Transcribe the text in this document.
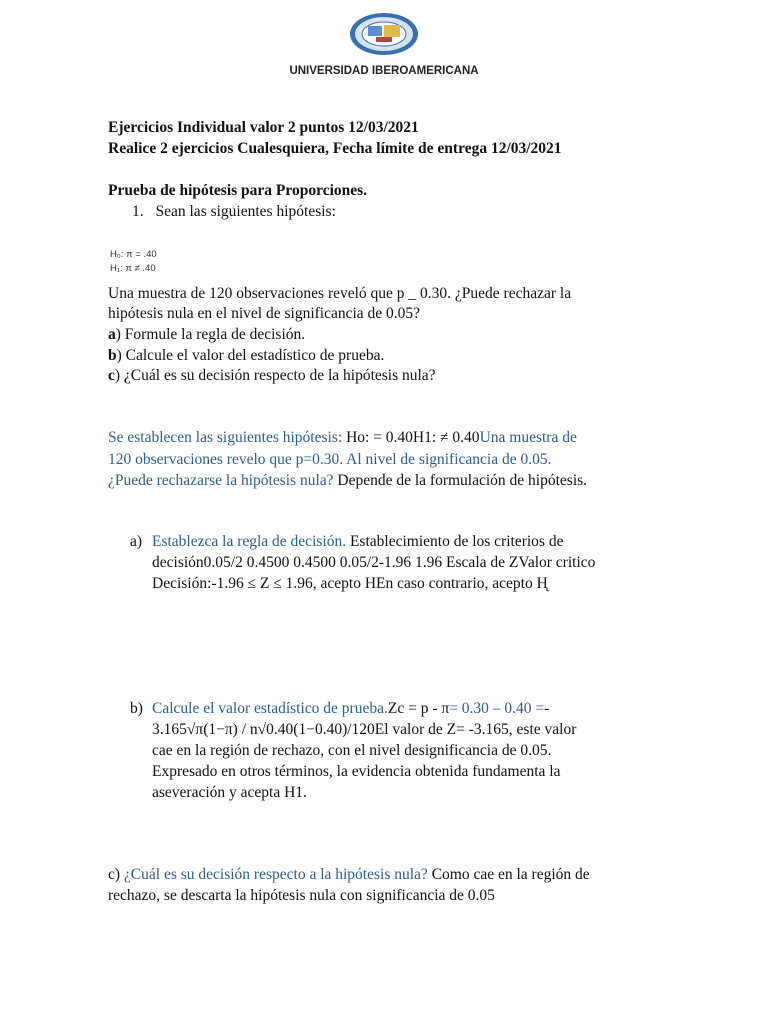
UNIVERSIDAD IBEROAMERICANA
Ejercicios Individual valor 2 puntos 12/03/2021
Realice 2 ejercicios Cualesquiera, Fecha límite de entrega 12/03/2021
Prueba de hipótesis para Proporciones.
1. Sean las siguientes hipótesis:
H₀: π = .40
H₁: π ≠ .40
Una muestra de 120 observaciones reveló que p _ 0.30. ¿Puede rechazar la
hipótesis nula en el nivel de significancia de 0.05?
a) Formule la regla de decisión.
b) Calcule el valor del estadístico de prueba.
c) ¿Cuál es su decisión respecto de la hipótesis nula?
Se establecen las siguientes hipótesis: Ho: = 0.40H1: ≠ 0.40Una muestra de
120 observaciones revelo que p=0.30. Al nivel de significancia de 0.05.
¿Puede rechazarse la hipótesis nula? Depende de la formulación de hipótesis.
a) Establezca la regla de decisión. Establecimiento de los criterios de
decisión0.05/2 0.4500 0.4500 0.05/2-1.96 1.96 Escala de ZValor critico
Decisión:-1.96 ≤ Z ≤ 1.96, acepto HEn caso contrario, acepto H̨
b) Calcule el valor estadístico de prueba.Zc = p - π= 0.30 – 0.40 =-
3.165√π(1−π) / n√0.40(1−0.40)/120El valor de Z= -3.165, este valor
cae en la región de rechazo, con el nivel designificancia de 0.05.
Expresado en otros términos, la evidencia obtenida fundamenta la
aseveración y acepta H1.
c) ¿Cuál es su decisión respecto a la hipótesis nula? Como cae en la región de
rechazo, se descarta la hipótesis nula con significancia de 0.05
